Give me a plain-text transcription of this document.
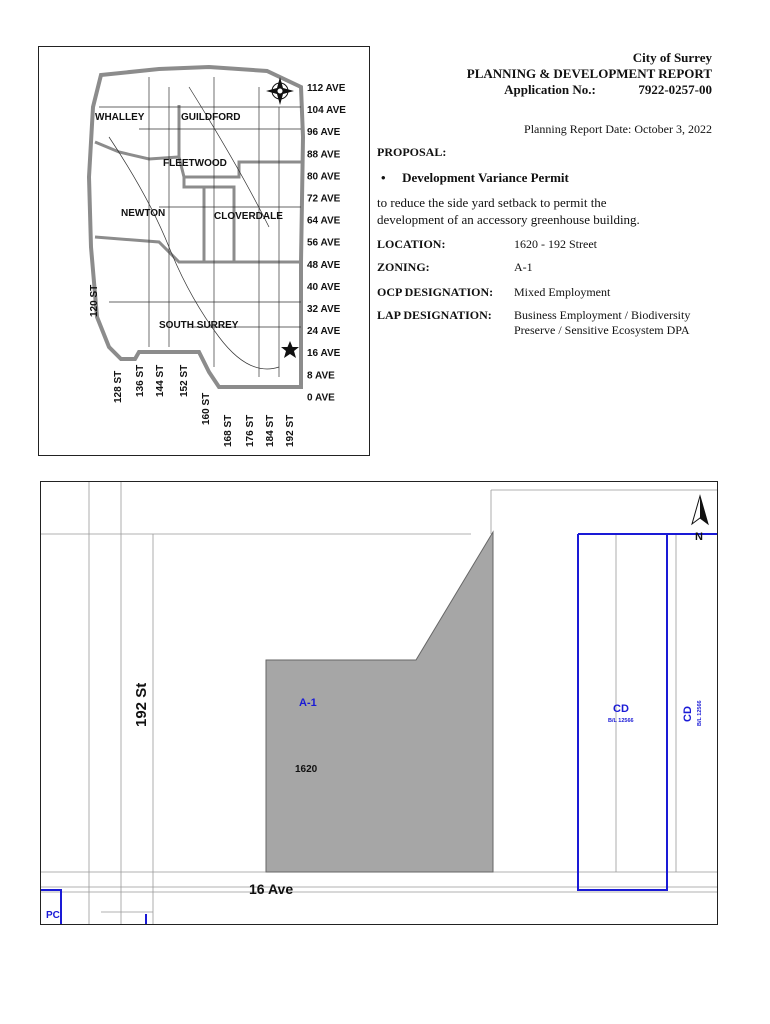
WHALLEY	GUILDFORD
FLEETWOOD
NEWTON	CLOVERDALE
SOUTH SURREY
112 AVE
104 AVE
96 AVE
88 AVE
80 AVE
72 AVE
64 AVE
56 AVE
48 AVE
40 AVE
32 AVE
24 AVE
16 AVE
8 AVE
0 AVE
120 ST
128 ST 136 ST 144 ST 152 ST
160 ST
168 ST 176 ST 184 ST 192 ST
City of Surrey
PLANNING & DEVELOPMENT REPORT
Application No.:	7922-0257-00
Planning Report Date: October 3, 2022
PROPOSAL:
• Development Variance Permit
to reduce the side yard setback to permit the
development of an accessory greenhouse building.
LOCATION:	1620 - 192 Street
ZONING:	A-1
OCP DESIGNATION: Mixed Employment
LAP DESIGNATION: Business Employment / Biodiversity
Preserve / Sensitive Ecosystem DPA
192 St
16 Ave
A-1
1620
CD
B/L 12566	CD B/L 12566
PC
N
